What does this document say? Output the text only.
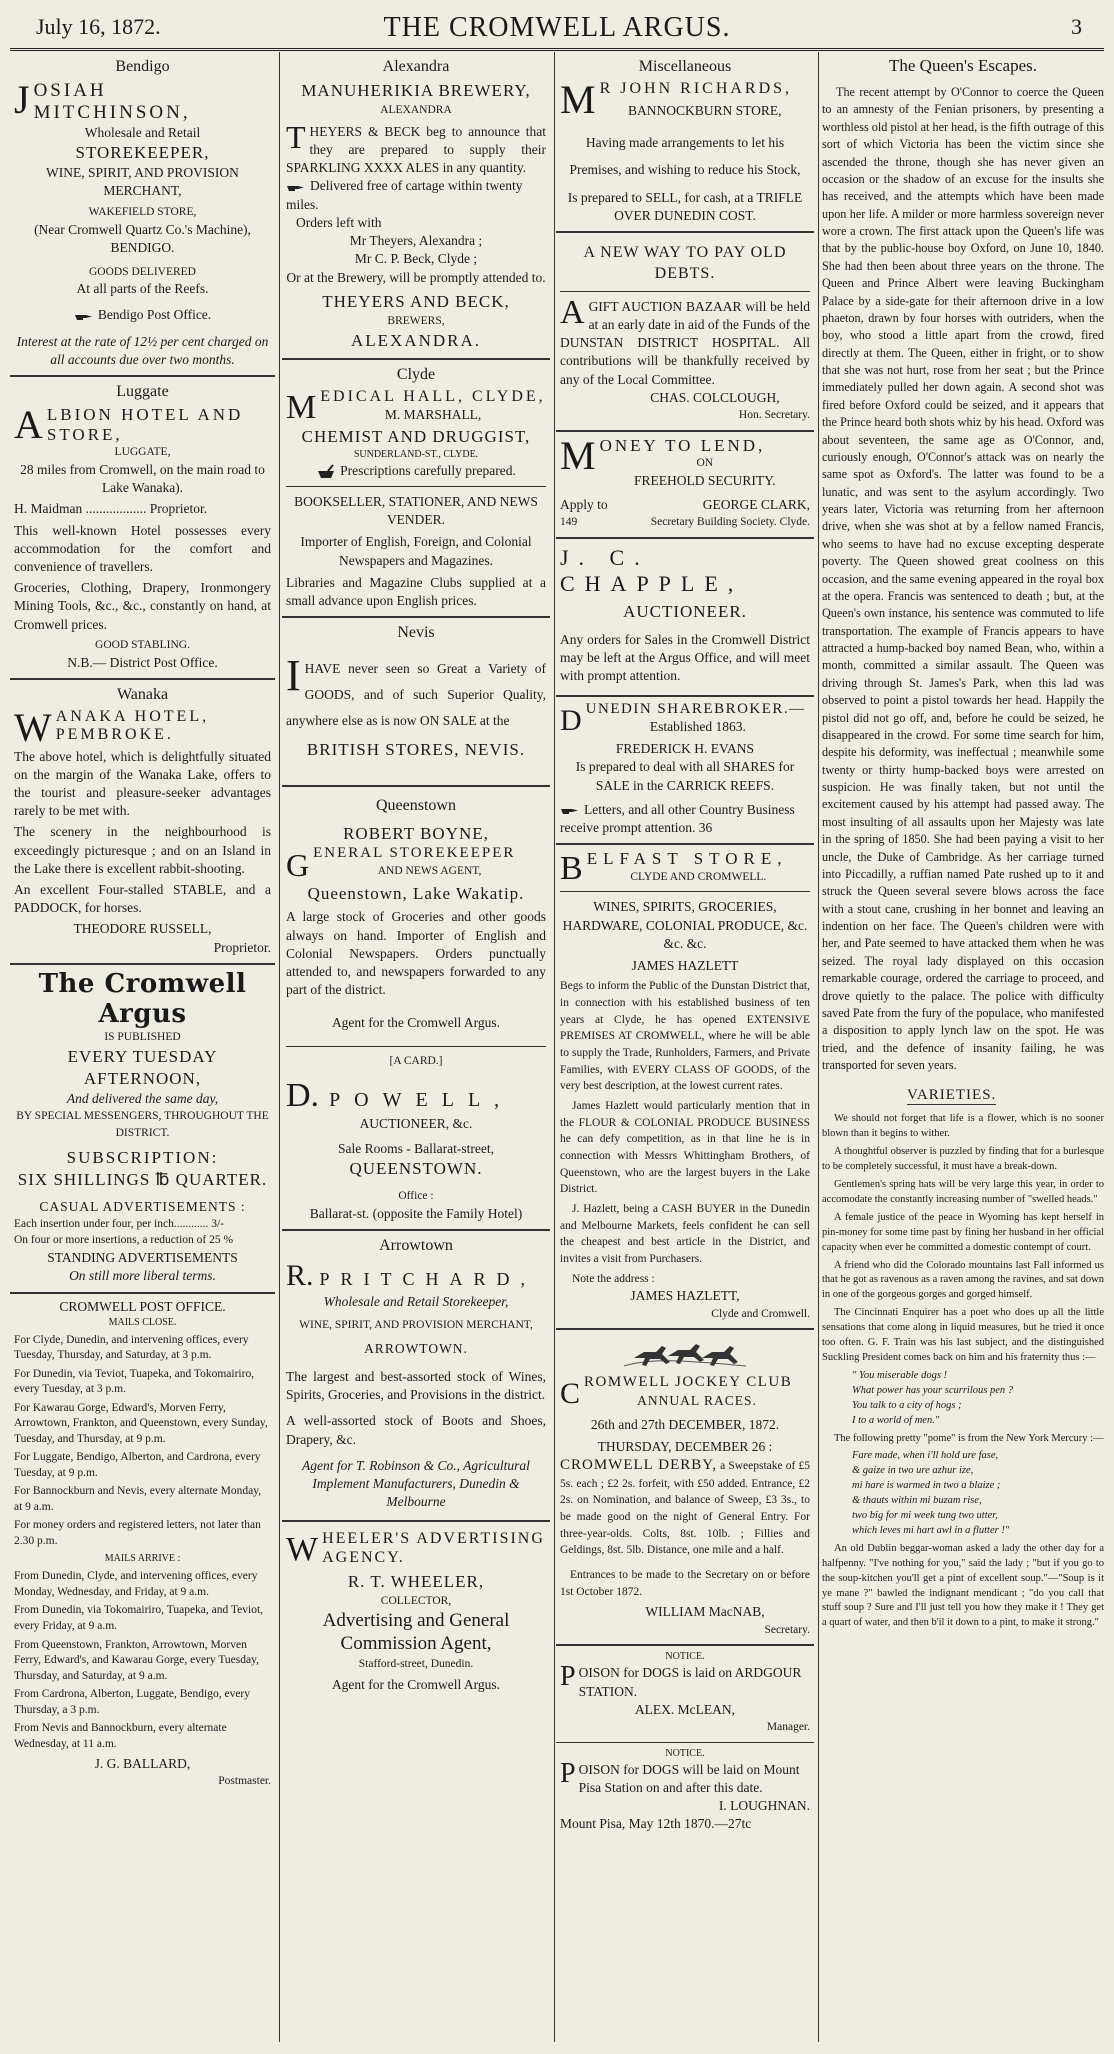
July 16, 1872.	THE CROMWELL ARGUS.	3
Bendigo
JOSIAH MITCHINSON,
Wholesale and Retail
STOREKEEPER,
WINE, SPIRIT, AND PROVISION MERCHANT,
WAKEFIELD STORE,
(Near Cromwell Quartz Co.'s Machine), BENDIGO.
GOODS DELIVERED
At all parts of the Reefs.
Bendigo Post Office.
Interest at the rate of 12½ per cent charged on all accounts due over two months.
Luggate
ALBION HOTEL AND STORE,
LUGGATE,
28 miles from Cromwell, on the main road to Lake Wanaka).
H. Maidman .................. Proprietor.

This well-known Hotel possesses every accommodation for the comfort and convenience of travellers.

Groceries, Clothing, Drapery, Ironmongery Mining Tools, &c., &c., constantly on hand, at Cromwell prices.

GOOD STABLING.
N.B.— District Post Office.
Wanaka
WANAKA HOTEL, PEMBROKE.

The above hotel, which is delightfully situated on the margin of the Wanaka Lake, offers to the tourist and pleasure-seeker advantages rarely to be met with.

The scenery in the neighbourhood is exceedingly picturesque ; and on an Island in the Lake there is excellent rabbit-shooting.

An excellent Four-stalled STABLE, and a PADDOCK, for horses.

THEODORE RUSSELL,
Proprietor.
The Cromwell Argus
IS PUBLISHED
EVERY TUESDAY AFTERNOON,
And delivered the same day,
BY SPECIAL MESSENGERS, THROUGHOUT THE DISTRICT.
SUBSCRIPTION:
SIX SHILLINGS ℔ QUARTER.
CASUAL ADVERTISEMENTS :
Each insertion under four, per inch............ 3/-
On four or more insertions, a reduction of 25 %
STANDING ADVERTISEMENTS
On still more liberal terms.
CROMWELL POST OFFICE.
MAILS CLOSE.

For Clyde, Dunedin, and intervening offices, every Tuesday, Thursday, and Saturday, at 3 p.m.

For Dunedin, via Teviot, Tuapeka, and Tokomairiro, every Tuesday, at 3 p.m.

For Kawarau Gorge, Edward's, Morven Ferry, Arrowtown, Frankton, and Queenstown, every Sunday, Tuesday, and Thursday, at 9 p.m.

For Luggate, Bendigo, Alberton, and Cardrona, every Tuesday, at 9 p.m.

For Bannockburn and Nevis, every alternate Monday, at 9 a.m.

For money orders and registered letters, not later than 2.30 p.m.

MAILS ARRIVE :

From Dunedin, Clyde, and intervening offices, every Monday, Wednesday, and Friday, at 9 a.m.

From Dunedin, via Tokomairiro, Tuapeka, and Teviot, every Friday, at 9 a.m.

From Queenstown, Frankton, Arrowtown, Morven Ferry, Edward's, and Kawarau Gorge, every Tuesday, Thursday, and Saturday, at 9 a.m.

From Cardrona, Alberton, Luggate, Bendigo, every Thursday, a 3 p.m.

From Nevis and Bannockburn, every alternate Wednesday, at 11 a.m.

J. G. BALLARD,
Postmaster.
Alexandra
MANUHERIKIA BREWERY,
ALEXANDRA
THEYERS & BECK beg to announce that they are prepared to supply their SPARKLING XXXX ALES in any quantity.
Delivered free of cartage within twenty miles.
Orders left with
Mr Theyers, Alexandra ;
Mr C. P. Beck, Clyde ;
Or at the Brewery, will be promptly attended to.
THEYERS AND BECK,
BREWERS,
ALEXANDRA.
Clyde
MEDICAL HALL, CLYDE,
M. MARSHALL,
CHEMIST AND DRUGGIST,
SUNDERLAND-ST., CLYDE.
Prescriptions carefully prepared.
BOOKSELLER, STATIONER, AND NEWS VENDER.
Importer of English, Foreign, and Colonial Newspapers and Magazines.
Libraries and Magazine Clubs supplied at a small advance upon English prices.
Nevis
IHAVE never seen so Great a Variety of GOODS, and of such Superior Quality, anywhere else as is now ON SALE at the
BRITISH STORES, NEVIS.
Queenstown
ROBERT BOYNE,
GENERAL STOREKEEPER
AND NEWS AGENT,
Queenstown, Lake Wakatip.

A large stock of Groceries and other goods always on hand. Importer of English and Colonial Newspapers. Orders punctually attended to, and newspapers forwarded to any part of the district.

Agent for the Cromwell Argus.
[A CARD.]
D. POWELL,
AUCTIONEER, &c.
Sale Rooms - Ballarat-street,
QUEENSTOWN.
Office :
Ballarat-st. (opposite the Family Hotel)
Arrowtown
R. PRITCHARD,
Wholesale and Retail Storekeeper,
WINE, SPIRIT, AND PROVISION MERCHANT,
ARROWTOWN.

The largest and best-assorted stock of Wines, Spirits, Groceries, and Provisions in the district.

A well-assorted stock of Boots and Shoes, Drapery, &c.

Agent for T. Robinson & Co., Agricultural Implement Manufacturers, Dunedin & Melbourne

WHEELER'S ADVERTISING AGENCY.
R. T. WHEELER,
COLLECTOR,
Advertising and General Commission Agent,
Stafford-street, Dunedin.
Agent for the Cromwell Argus.
Miscellaneous
M R JOHN RICHARDS,
BANNOCKBURN STORE,
Having made arrangements to let his Premises, and wishing to reduce his Stock,
Is prepared to SELL, for cash, at a TRIFLE OVER DUNEDIN COST.
A NEW WAY TO PAY OLD DEBTS.
AGIFT AUCTION BAZAAR will be held at an early date in aid of the Funds of the DUNSTAN DISTRICT HOSPITAL. All contributions will be thankfully received by any of the Local Committee.
CHAS. COLCLOUGH,
Hon. Secretary.
MONEY TO LEND,
ON
FREEHOLD SECURITY.
Apply to	GEORGE CLARK,
149	Secretary Building Society. Clyde.
J. C. CHAPPLE,
AUCTIONEER.

Any orders for Sales in the Cromwell District may be left at the Argus Office, and will meet with prompt attention.

DUNEDIN SHAREBROKER.—
Established 1863.
FREDERICK H. EVANS
Is prepared to deal with all SHARES for SALE in the CARRICK REEFS.
Letters, and all other Country Business receive prompt attention. 36
BELFAST STORE,
CLYDE AND CROMWELL.
WINES, SPIRITS, GROCERIES, HARDWARE, COLONIAL PRODUCE, &c. &c. &c.
JAMES HAZLETT

Begs to inform the Public of the Dunstan District that, in connection with his established business of ten years at Clyde, he has opened EXTENSIVE PREMISES AT CROMWELL, where he will be able to supply the Trade, Runholders, Farmers, and Private Families, with EVERY CLASS OF GOODS, of the very best description, at the lowest current rates.

James Hazlett would particularly mention that in the FLOUR & COLONIAL PRODUCE BUSINESS he can defy competition, as in that line he is in connection with Messrs Whittingham Brothers, of Queenstown, who are the largest buyers in the Lake District.

J. Hazlett, being a CASH BUYER in the Dunedin and Melbourne Markets, feels confident he can sell the cheapest and best article in the District, and invites a visit from Purchasers.

Note the address :
JAMES HAZLETT,
Clyde and Cromwell.
CROMWELL JOCKEY CLUB
ANNUAL RACES.
26th and 27th DECEMBER, 1872.
THURSDAY, DECEMBER 26 :
CROMWELL DERBY, a Sweepstake of £5 5s. each ; £2 2s. forfeit, with £50 added. Entrance, £2 2s. on Nomination, and balance of Sweep, £3 3s., to be made good on the night of General Entry. For three-year-olds. Colts, 8st. 10lb. ; Fillies and Geldings, 8st. 5lb. Distance, one mile and a half.

Entrances to be made to the Secretary on or before 1st October 1872.

WILLIAM MacNAB,
Secretary.
NOTICE.
POISON for DOGS is laid on ARDGOUR STATION.
ALEX. McLEAN,
Manager.
NOTICE.
POISON for DOGS will be laid on Mount Pisa Station on and after this date.
I. LOUGHNAN.
Mount Pisa, May 12th 1870.—27tc
The Queen's Escapes.

The recent attempt by O'Connor to coerce the Queen to an amnesty of the Fenian prisoners, by presenting a worthless old pistol at her head, is the fifth outrage of this sort of which Victoria has been the victim since she ascended the throne, though she has never given an occasion or the shadow of an excuse for the insults she has received, and the attempts which have been made upon her life. A milder or more harmless sovereign never wore a crown. The first attack upon the Queen's life was that by the public-house boy Oxford, on June 10, 1840. She had then been about three years on the throne. The Queen and Prince Albert were leaving Buckingham Palace by a side-gate for their afternoon drive in a low phaeton, drawn by four horses with outriders, when the boy, who stood a little apart from the crowd, fired directly at them. The Queen, either in fright, or to show that she was not hurt, rose from her seat ; but the Prince immediately pulled her down again. A second shot was fired before Oxford could be seized, and it appears that the Prince heard both shots whiz by his head. Oxford was about seventeen, the same age as O'Connor, and, curiously enough, O'Connor's attack was on nearly the same spot as Oxford's. The latter was found to be a lunatic, and was sent to the asylum accordingly. Two years later, Victoria was returning from her afternoon drive, when she was shot at by a fellow named Francis, who seems to have had no excuse excepting desperate poverty. The Queen showed great coolness on this occasion, and the same evening appeared in the royal box at the opera. Francis was sentenced to death ; but, at the Queen's own instance, his sentence was commuted to life transportation. The example of Francis appears to have attracted a hump-backed boy named Bean, who, within a month, committed a similar assault. The Queen was driving through St. James's Park, when this lad was observed to point a pistol towards her head. Happily the pistol did not go off, and, before he could be seized, he disappeared in the crowd. For some time search for him, despite his deformity, was ineffectual ; meanwhile some twenty or thirty hump-backed boys were arrested on suspicion. He was finally taken, but not until the excitement caused by his attempt had passed away. The most insulting of all assaults upon her Majesty was late in the spring of 1850. She had been paying a visit to her uncle, the Duke of Cambridge. As her carriage turned into Piccadilly, a ruffian named Pate rushed up to it and struck the Queen several severe blows across the face with a stout cane, crushing in her bonnet and leaving an indention on her face. The Queen's children were with her, and Pate seemed to have attacked them when he was seized. The royal lady displayed on this occasion remarkable courage, ordered the carriage to proceed, and drove quietly to the palace. The police with difficulty saved Pate from the fury of the populace, who manifested a disposition to apply lynch law on the spot. He was tried, and the defence of insanity failing, he was transported for seven years.

VARIETIES.

We should not forget that life is a flower, which is no sooner blown than it begins to wither.

A thoughtful observer is puzzled by finding that for a burlesque to be completely successful, it must have a break-down.

Gentlemen's spring hats will be very large this year, in order to accomodate the constantly increasing number of "swelled heads."

A female justice of the peace in Wyoming has kept herself in pin-money for some time past by fining her husband in her official capacity when ever he committed a domestic contempt of court.

A friend who did the Colorado mountains last Fall informed us that he got as ravenous as a raven among the ravines, and sat down in one of the gorgeous gorges and gorged himself.

The Cincinnati Enquirer has a poet who does up all the little sensations that come along in liquid measures, but he tried it once too often. G. F. Train was his last subject, and the distinguished Suckling President comes back on him and his fraternity thus :—

" You miserable dogs !
What power has your scurrilous pen ?
You talk to a city of hogs ;
I to a world of men."

The following pretty "pome" is from the New York Mercury :—

Fare made, when i'll hold ure fase,
& gaize in two ure azhur ize,
mi hare is warmed in two a blaize ;
& thauts within mi buzam rise,
two big for mi week tung two utter,
which leves mi hart awl in a flutter !"

An old Dublin beggar-woman asked a lady the other day for a halfpenny. "I've nothing for you," said the lady ; "but if you go to the soup-kitchen you'll get a pint of excellent soup."—"Soup is it ye mane ?" bawled the indignant mendicant ; "do you call that stuff soup ? Sure and I'll just tell you how they make it ! They get a quart of water, and then b'il it down to a pint, to make it strong."
